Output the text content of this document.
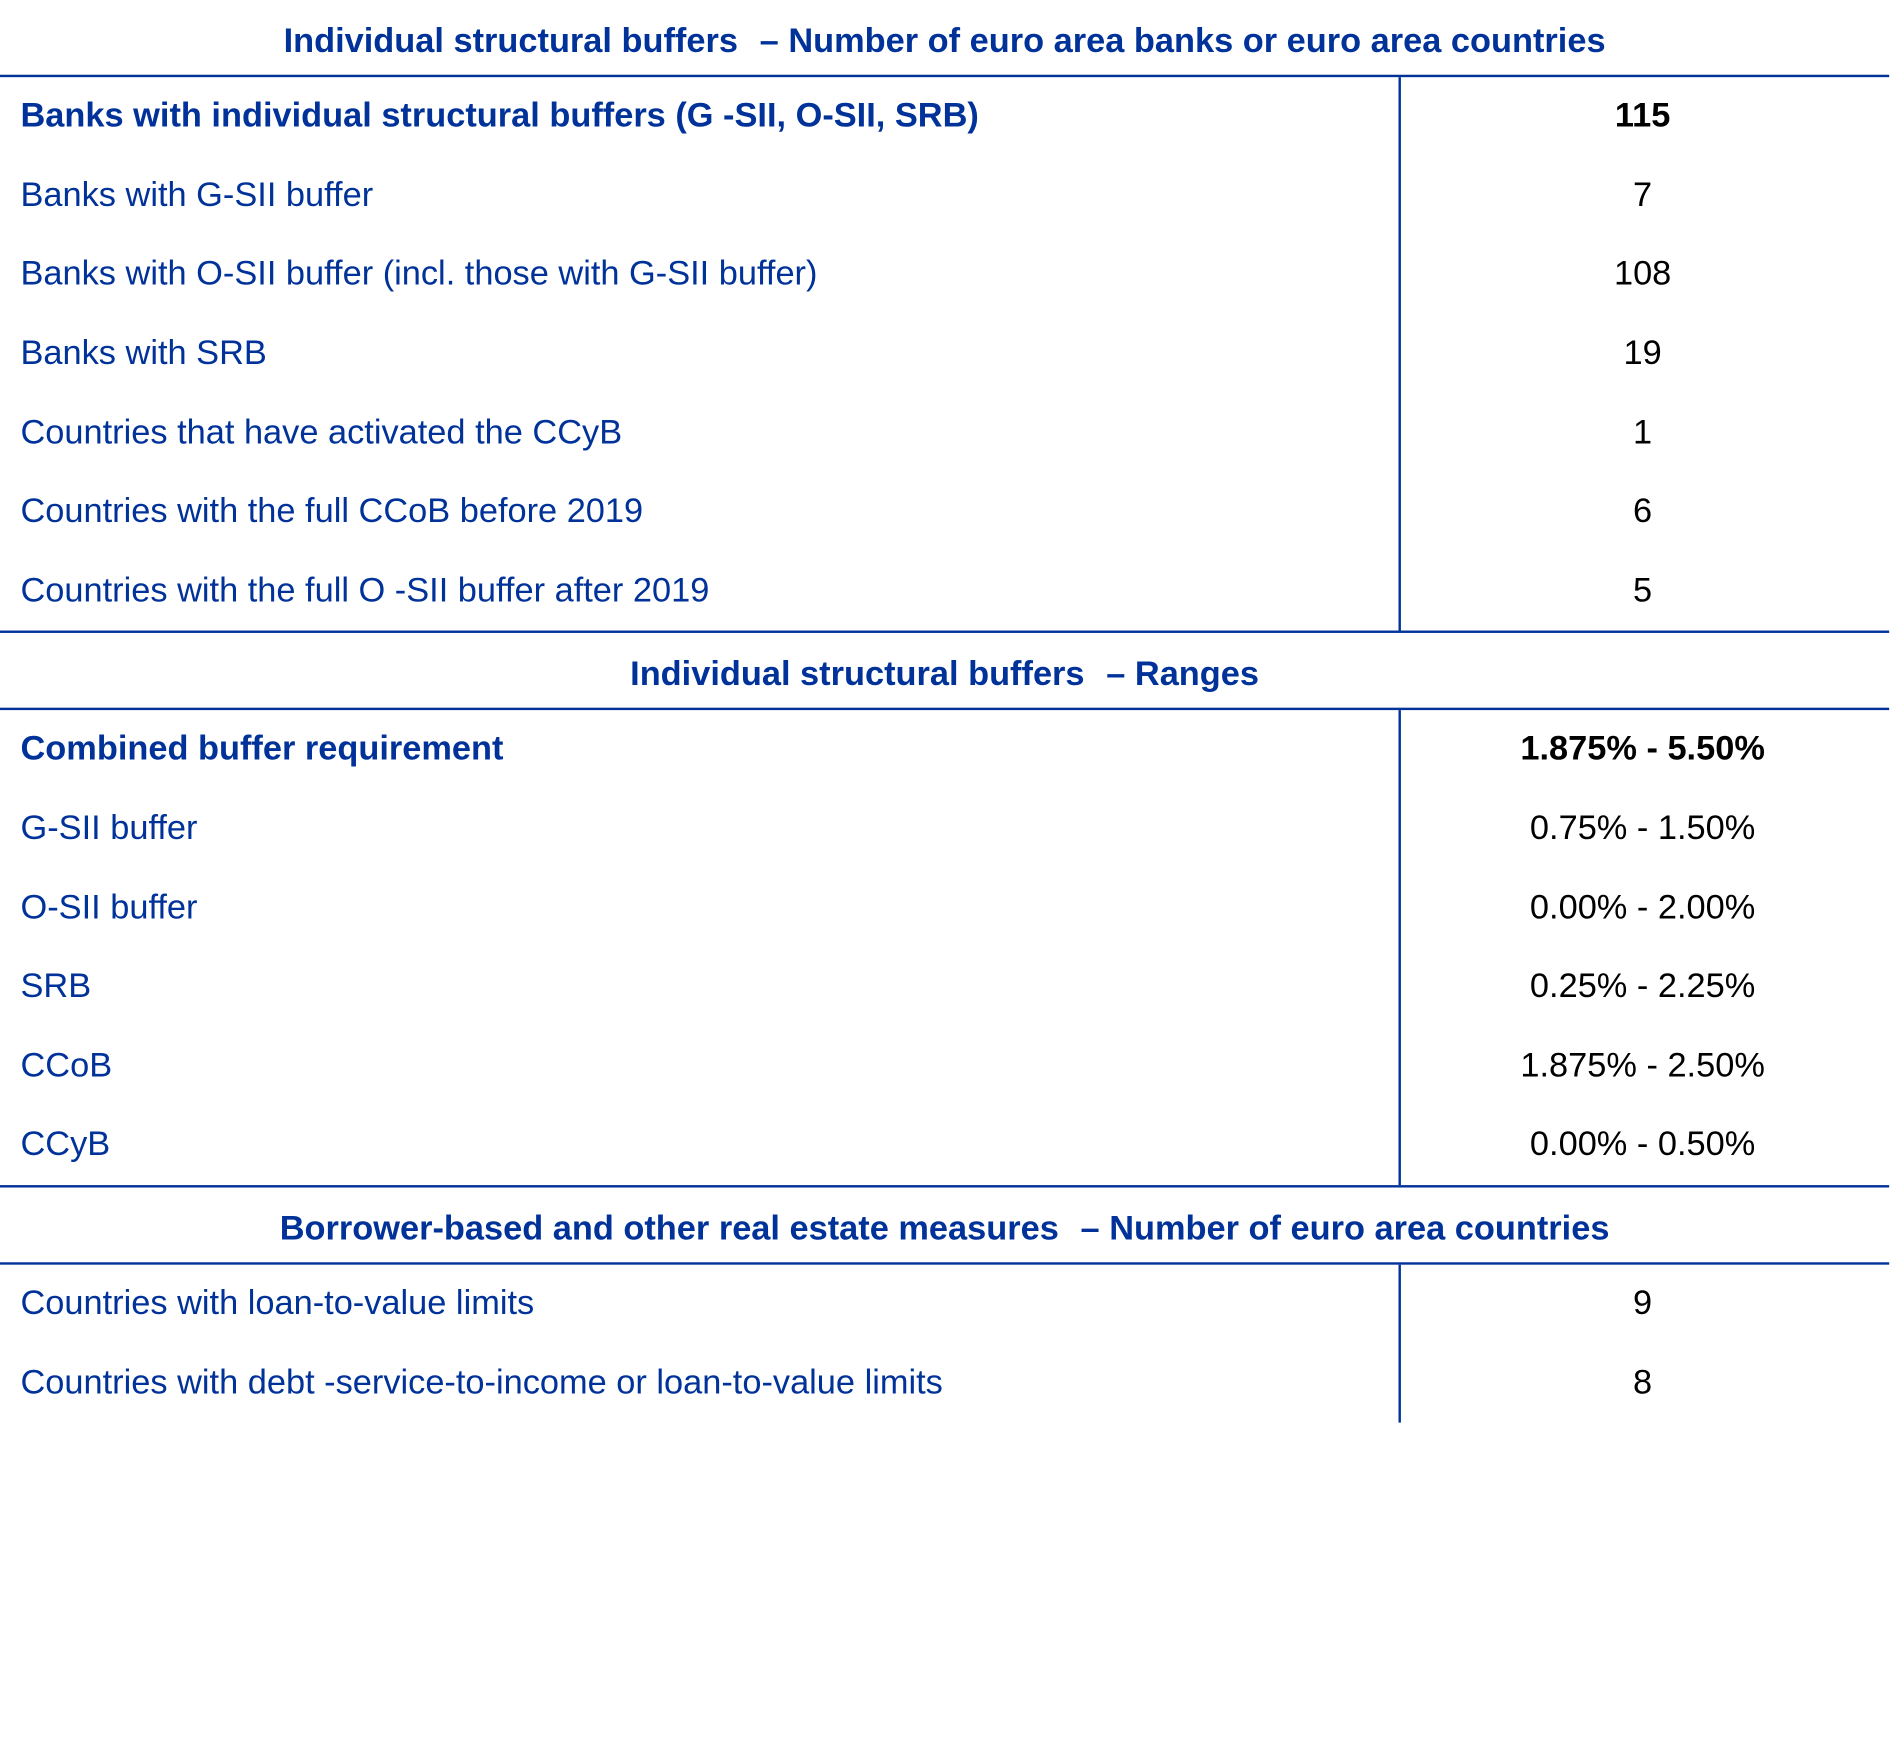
Individual structural buffers – Number of euro area banks or euro area countries
Banks with individual structural buffers (G -SII, O-SII, SRB)	115
Banks with G-SII buffer	7
Banks with O-SII buffer (incl. those with G-SII buffer)	108
Banks with SRB	19
Countries that have activated the CCyB	1
Countries with the full CCoB before 2019	6
Countries with the full O -SII buffer after 2019	5
Individual structural buffers – Ranges
Combined buffer requirement	1.875% - 5.50%
G-SII buffer	0.75% - 1.50%
O-SII buffer	0.00% - 2.00%
SRB	0.25% - 2.25%
CCoB	1.875% - 2.50%
CCyB	0.00% - 0.50%
Borrower-based and other real estate measures – Number of euro area countries
Countries with loan-to-value limits	9
Countries with debt -service-to-income or loan-to-value limits	8
